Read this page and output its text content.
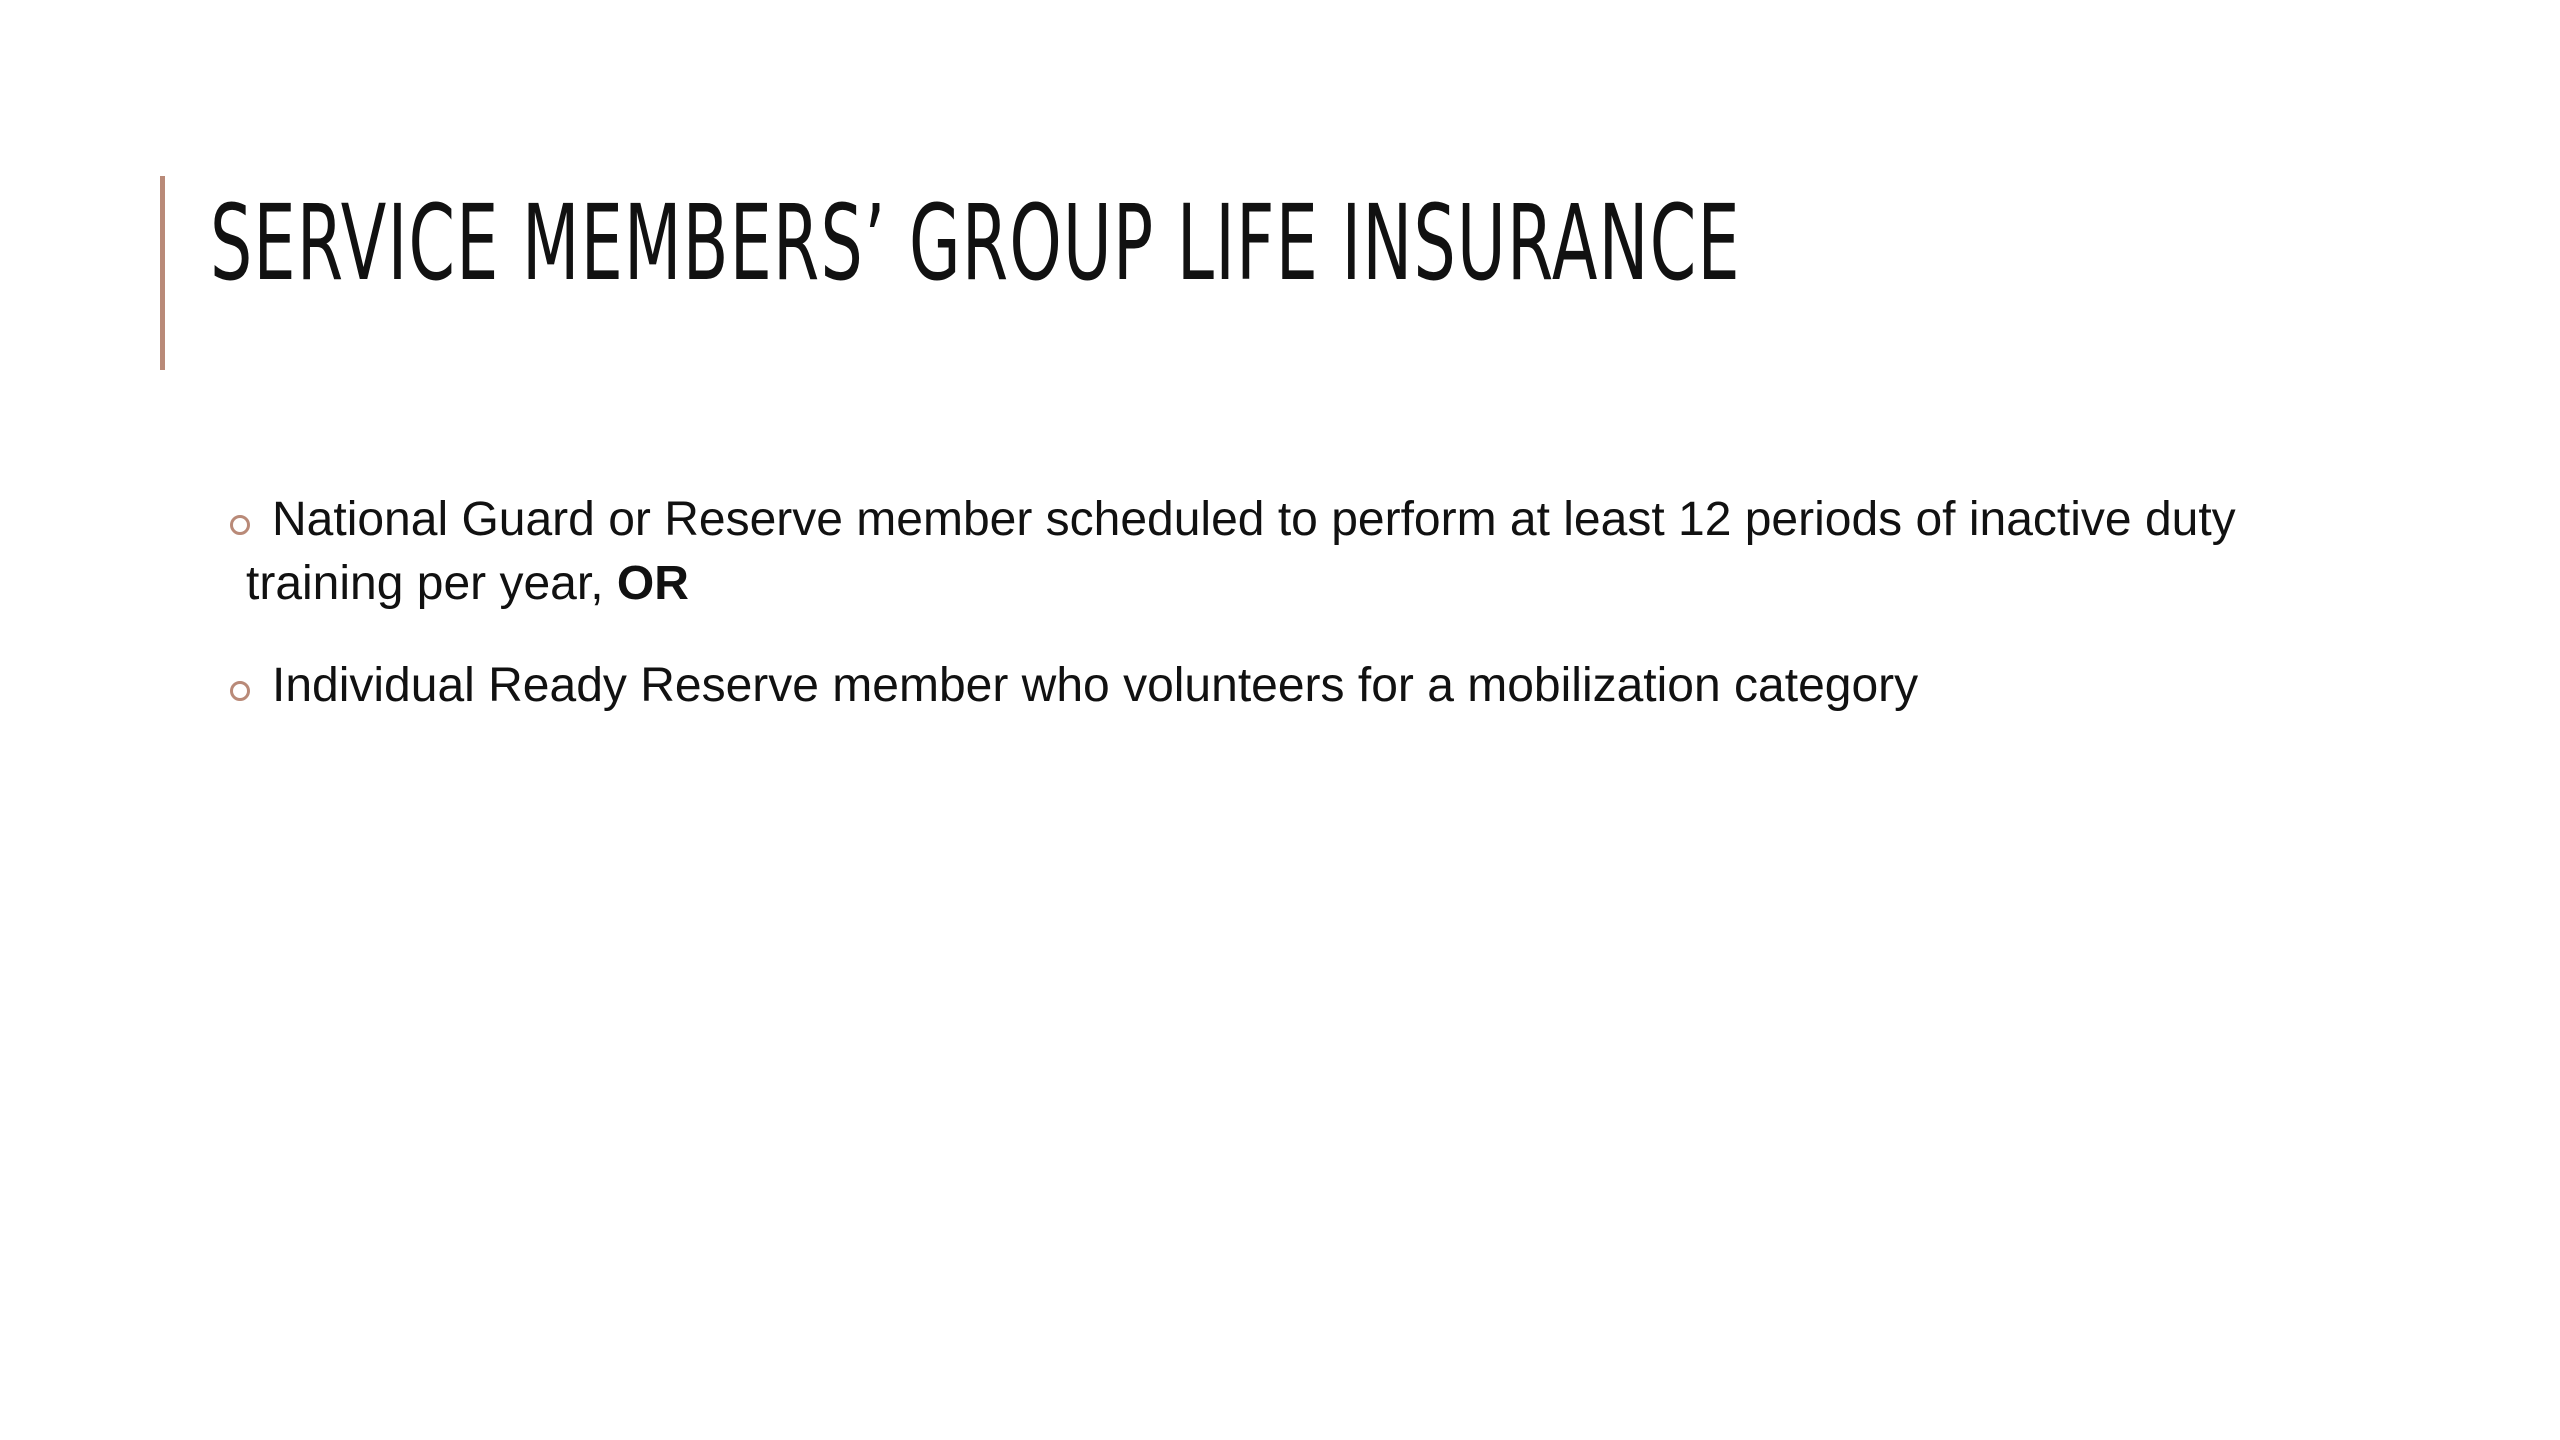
SERVICE MEMBERS’ GROUP LIFE INSURANCE
National Guard or Reserve member scheduled to perform at least 12 periods of inactive duty training per year, OR
Individual Ready Reserve member who volunteers for a mobilization category
